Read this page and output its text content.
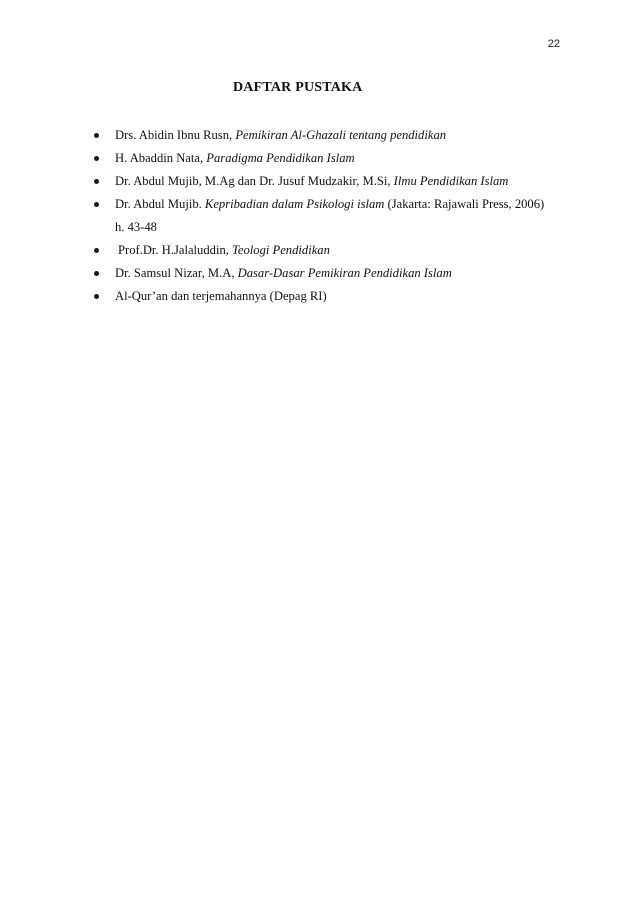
22
DAFTAR PUSTAKA
Drs. Abidin Ibnu Rusn, Pemikiran Al-Ghazali tentang pendidikan
H. Abaddin Nata, Paradigma Pendidikan Islam
Dr. Abdul Mujib, M.Ag dan Dr. Jusuf Mudzakir, M.Si, Ilmu Pendidikan Islam
Dr. Abdul Mujib. Kepribadian dalam Psikologi islam (Jakarta: Rajawali Press, 2006)
h. 43-48
Prof.Dr. H.Jalaluddin, Teologi Pendidikan
Dr. Samsul Nizar, M.A, Dasar-Dasar Pemikiran Pendidikan Islam
Al-Qur’an dan terjemahannya (Depag RI)
